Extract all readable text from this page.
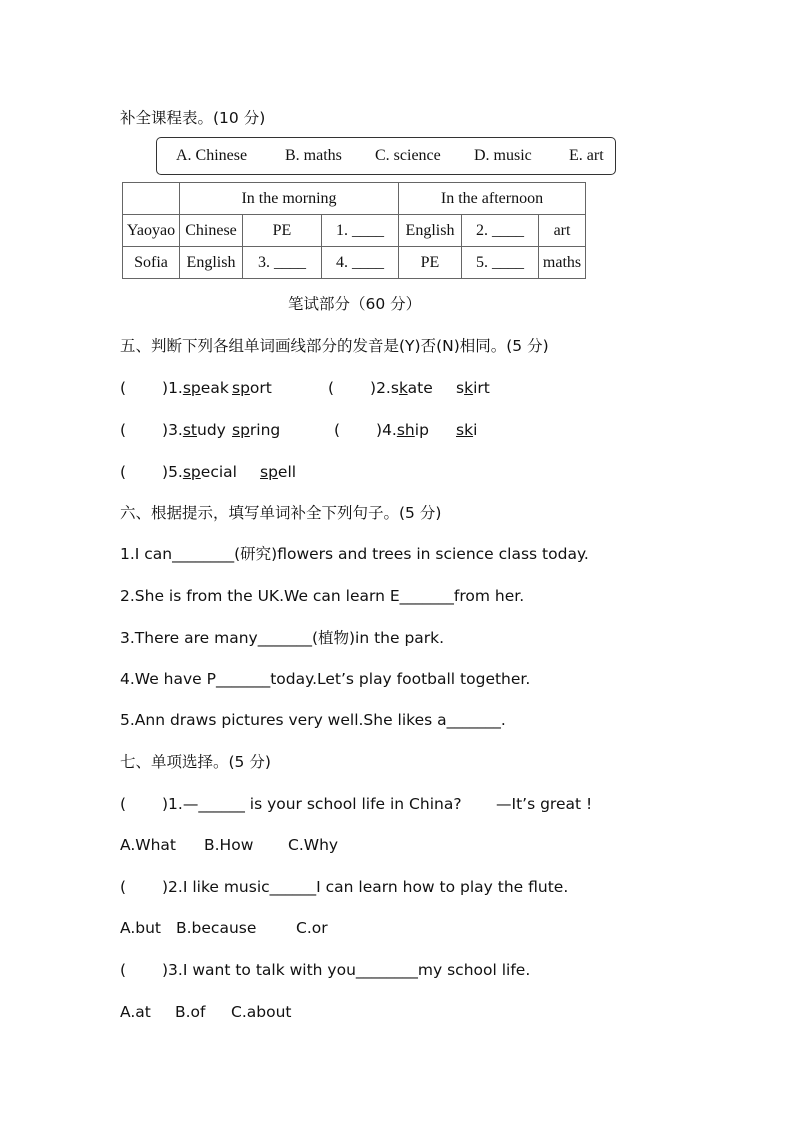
补全课程表。(10 分)
A. Chinese B. maths C. science D. music E. art
	In the morning			In the afternoon		
Yaoyao	Chinese	PE	1. ____	English	2. ____	art
Sofia	English	3. ____	4. ____	PE	5. ____	maths
笔试部分（60 分）
五、判断下列各组单词画线部分的发音是(Y)否(N)相同。(5 分)
( )1.speak sport	( )2.skate skirt
( )3.study spring	( )4.ship ski
( )5.special spell
六、根据提示，填写单词补全下列句子。(5 分)
1.I can________(研究)flowers and trees in science class today.
2.She is from the UK.We can learn E_______from her.
3.There are many_______(植物)in the park.
4.We have P_______today.Let’s play football together.
5.Ann draws pictures very well.She likes a_______.
七、单项选择。(5 分)
( )1.—______ is your school life in China? —It’s great !
A.What B.How C.Why
( )2.I like music______I can learn how to play the flute.
A.but B.because	C.or
( )3.I want to talk with you________my school life.
A.at B.of C.about
